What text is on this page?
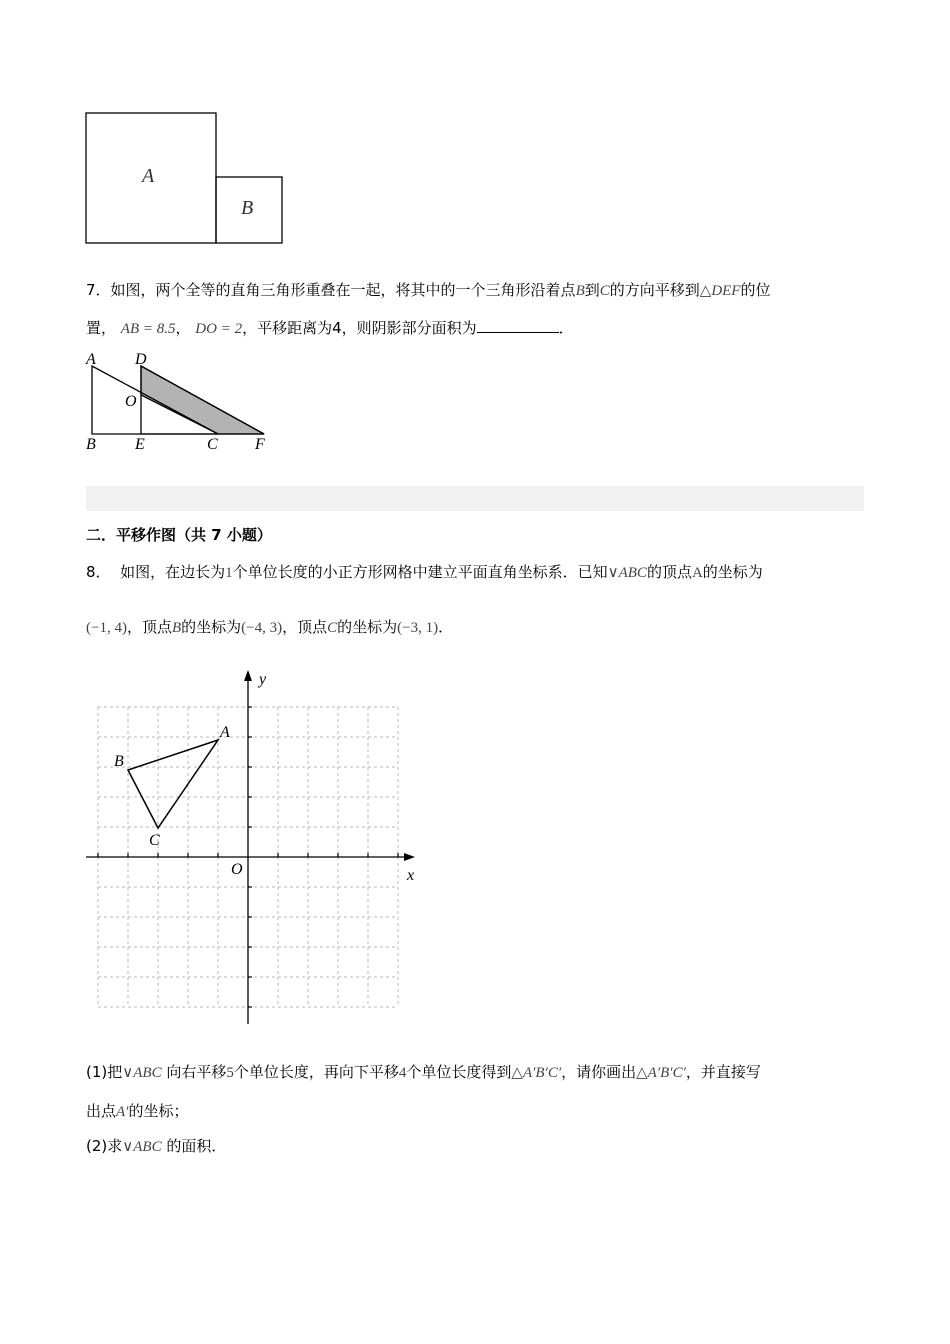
A
B
7．如图，两个全等的直角三角形重叠在一起，将其中的一个三角形沿着点B到C的方向平移到△DEF的位
置， AB = 8.5， DO = 2，平移距离为4，则阴影部分面积为	．
A D
O
B E	C F
二．平移作图（共 7 小题）
8． 如图，在边长为1个单位长度的小正方形网格中建立平面直角坐标系．已知∨ABC的顶点A的坐标为
(−1, 4)，顶点B的坐标为(−4, 3)，顶点C的坐标为(−3, 1)．
y
x
O
A
B
C
(1)把∨ABC 向右平移5个单位长度，再向下平移4个单位长度得到△A′B′C′，请你画出△A′B′C′，并直接写
出点A′的坐标；
(2)求∨ABC 的面积．
